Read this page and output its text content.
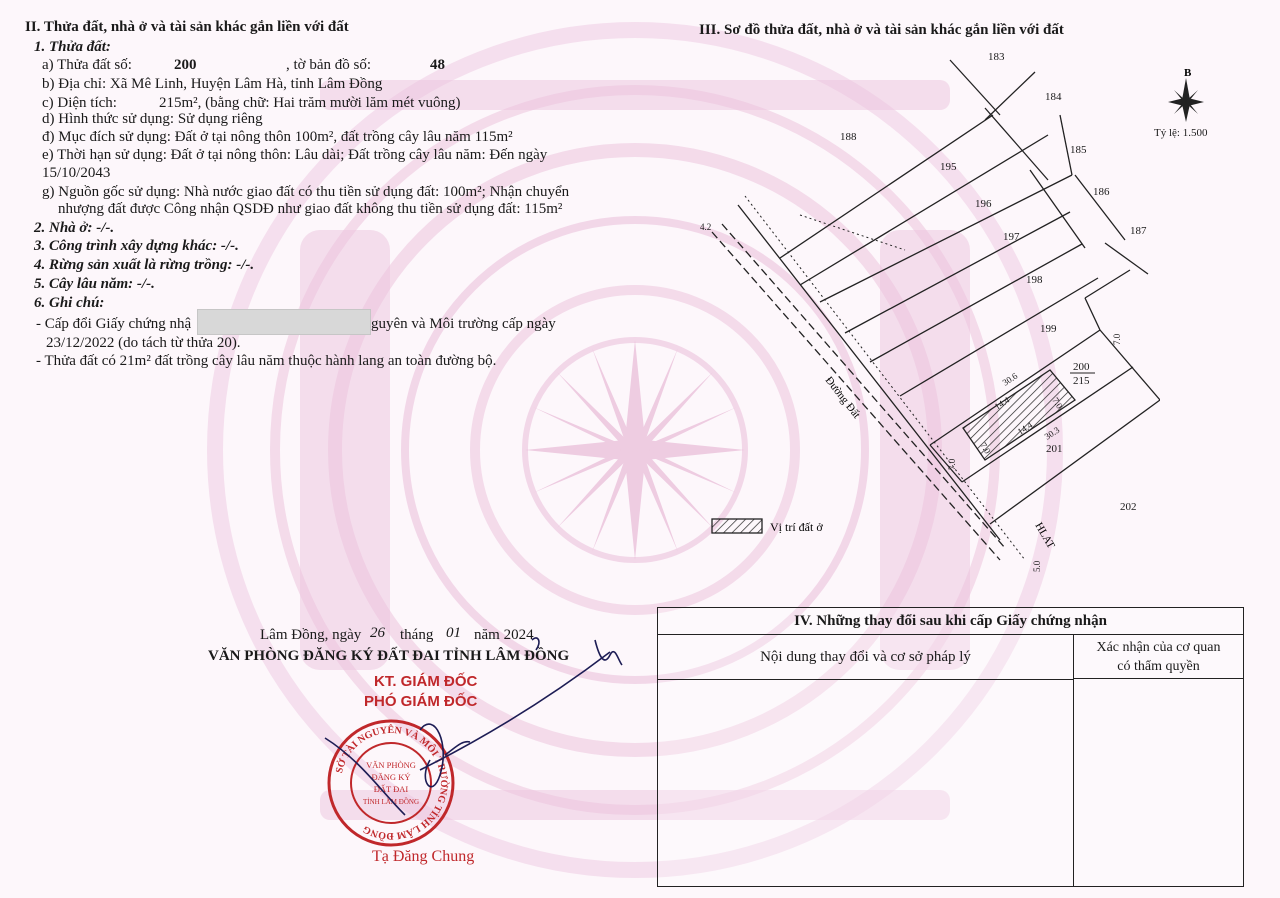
II. Thửa đất, nhà ở và tài sản khác gắn liền với đất
1. Thửa đất:
a) Thửa đất số:	200	, tờ bản đồ số:	48
b) Địa chỉ: Xã Mê Linh, Huyện Lâm Hà, tỉnh Lâm Đồng
c) Diện tích:	215m², (bằng chữ: Hai trăm mười lăm mét vuông)
d) Hình thức sử dụng: Sử dụng riêng
đ) Mục đích sử dụng: Đất ở tại nông thôn 100m², đất trồng cây lâu năm 115m²
e) Thời hạn sử dụng: Đất ở tại nông thôn: Lâu dài; Đất trồng cây lâu năm: Đến ngày
15/10/2043
g) Nguồn gốc sử dụng: Nhà nước giao đất có thu tiền sử dụng đất: 100m²; Nhận chuyển
nhượng đất được Công nhận QSDĐ như giao đất không thu tiền sử dụng đất: 115m²
2. Nhà ở: -/-.
3. Công trình xây dựng khác: -/-.
4. Rừng sản xuất là rừng trồng: -/-.
5. Cây lâu năm: -/-.
6. Ghi chú:
- Cấp đổi Giấy chứng nhậ	guyên và Môi trường cấp ngày
23/12/2022 (do tách từ thửa 20).
- Thửa đất có 21m² đất trồng cây lâu năm thuộc hành lang an toàn đường bộ.
III. Sơ đồ thửa đất, nhà ở và tài sản khác gắn liền với đất
B
Tỷ lệ: 1.500
183
184
185
186
187
188
195
196
197
198
199
201
202
200
215
4.2
30.6
14.4	7.0
7.0
14.4 30.3
7.0
7.0
5.0
Đường Đất
HLAT
Vị trí đất ở
Lâm Đồng, ngày 26 tháng 01 năm 2024
VĂN PHÒNG ĐĂNG KÝ ĐẤT ĐAI TỈNH LÂM ĐỒNG
KT. GIÁM ĐỐC
PHÓ GIÁM ĐỐC
Tạ Đăng Chung
SỞ TÀI NGUYÊN VÀ MÔI TRƯỜNG TỈNH LÂM ĐỒNG
VĂN PHÒNG
ĐĂNG KÝ
ĐẤT ĐAI
TỈNH LÂM ĐỒNG
IV. Những thay đổi sau khi cấp Giấy chứng nhận
Nội dung thay đổi và cơ sở pháp lý
Xác nhận của cơ quan
có thẩm quyền
